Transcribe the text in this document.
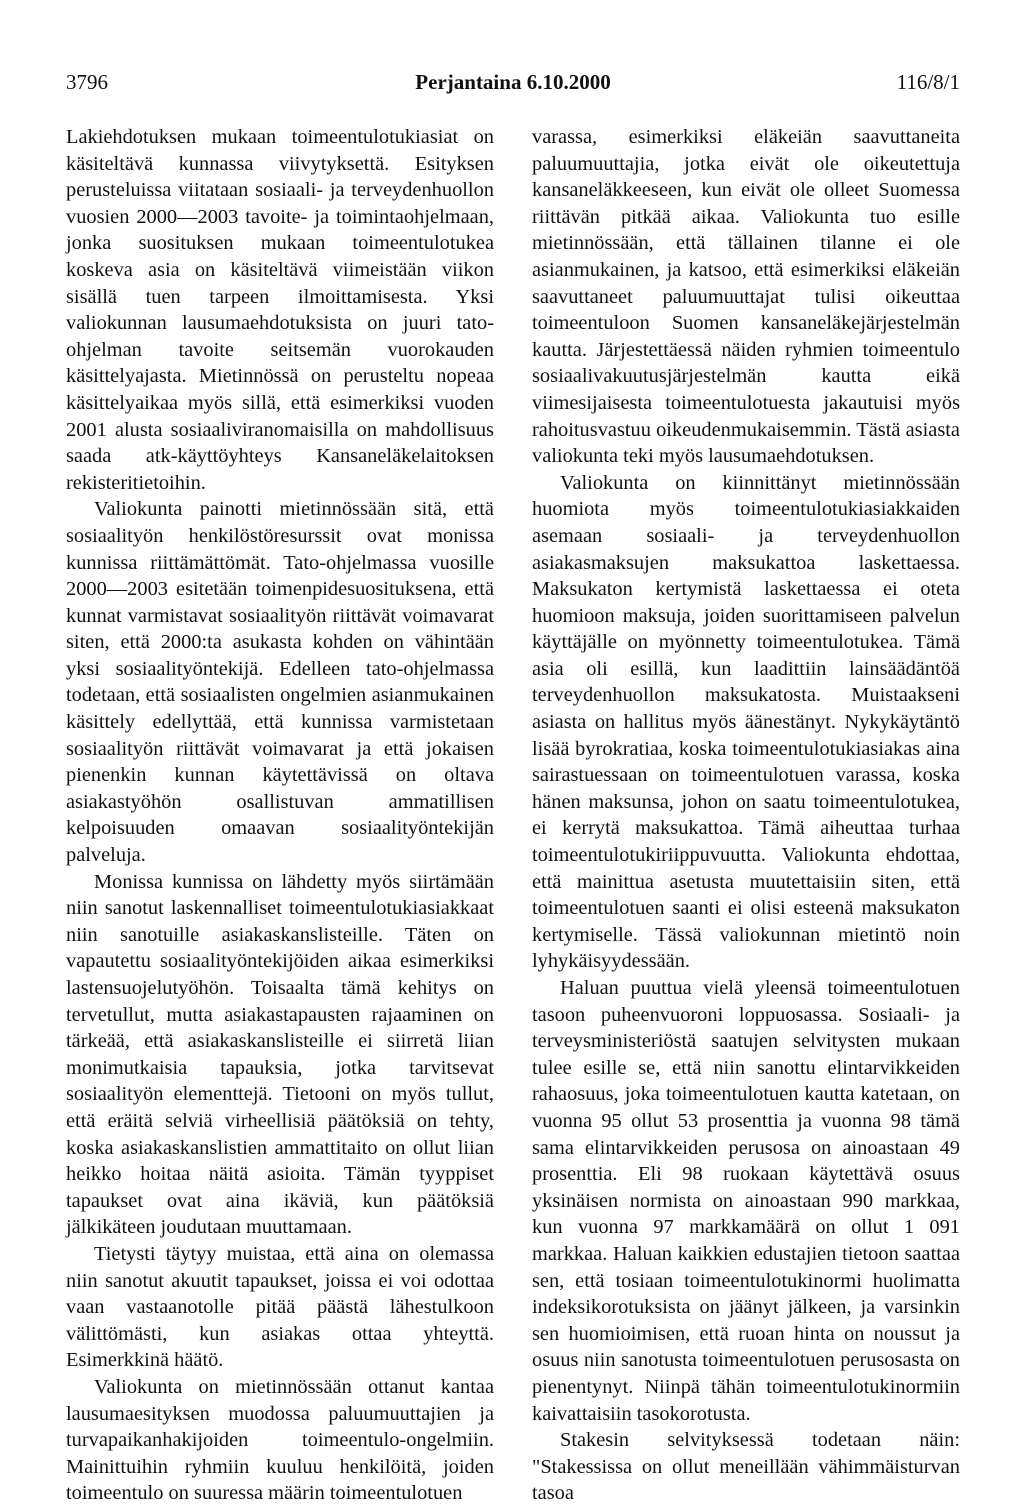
3796	Perjantaina 6.10.2000	116/8/1

Lakiehdotuksen mukaan toimeentulotukiasiat on käsiteltävä kunnassa viivytyksettä. Esityksen perusteluissa viitataan sosiaali- ja terveydenhuollon vuosien 2000—2003 tavoite- ja toimintaohjelmaan, jonka suosituksen mukaan toimeentulotukea koskeva asia on käsiteltävä viimeistään viikon sisällä tuen tarpeen ilmoittamisesta. Yksi valiokunnan lausumaehdotuksista on juuri tato-ohjelman tavoite seitsemän vuorokauden käsittelyajasta. Mietinnössä on perusteltu nopeaa käsittelyaikaa myös sillä, että esimerkiksi vuoden 2001 alusta sosiaaliviranomaisilla on mahdollisuus saada atk-käyttöyhteys Kansaneläkelaitoksen rekisteritietoihin.

Valiokunta painotti mietinnössään sitä, että sosiaalityön henkilöstöresurssit ovat monissa kunnissa riittämättömät. Tato-ohjelmassa vuosille 2000—2003 esitetään toimenpidesuosituksena, että kunnat varmistavat sosiaalityön riittävät voimavarat siten, että 2000:ta asukasta kohden on vähintään yksi sosiaalityöntekijä. Edelleen tato-ohjelmassa todetaan, että sosiaalisten ongelmien asianmukainen käsittely edellyttää, että kunnissa varmistetaan sosiaalityön riittävät voimavarat ja että jokaisen pienenkin kunnan käytettävissä on oltava asiakastyöhön osallistuvan ammatillisen kelpoisuuden omaavan sosiaalityöntekijän palveluja.

Monissa kunnissa on lähdetty myös siirtämään niin sanotut laskennalliset toimeentulotukiasiakkaat niin sanotuille asiakaskanslisteille. Täten on vapautettu sosiaalityöntekijöiden aikaa esimerkiksi lastensuojelutyöhön. Toisaalta tämä kehitys on tervetullut, mutta asiakastapausten rajaaminen on tärkeää, että asiakaskanslisteille ei siirretä liian monimutkaisia tapauksia, jotka tarvitsevat sosiaalityön elementtejä. Tietooni on myös tullut, että eräitä selviä virheellisiä päätöksiä on tehty, koska asiakaskanslistien ammattitaito on ollut liian heikko hoitaa näitä asioita. Tämän tyyppiset tapaukset ovat aina ikäviä, kun päätöksiä jälkikäteen joudutaan muuttamaan.

Tietysti täytyy muistaa, että aina on olemassa niin sanotut akuutit tapaukset, joissa ei voi odottaa vaan vastaanotolle pitää päästä lähestulkoon välittömästi, kun asiakas ottaa yhteyttä. Esimerkkinä häätö.

Valiokunta on mietinnössään ottanut kantaa lausumaesityksen muodossa paluumuuttajien ja turvapaikanhakijoiden toimeentulo-ongelmiin. Mainittuihin ryhmiin kuuluu henkilöitä, joiden toimeentulo on suuressa määrin toimeentulotuen

varassa, esimerkiksi eläkeiän saavuttaneita paluumuuttajia, jotka eivät ole oikeutettuja kansaneläkkeeseen, kun eivät ole olleet Suomessa riittävän pitkää aikaa. Valiokunta tuo esille mietinnössään, että tällainen tilanne ei ole asianmukainen, ja katsoo, että esimerkiksi eläkeiän saavuttaneet paluumuuttajat tulisi oikeuttaa toimeentuloon Suomen kansaneläkejärjestelmän kautta. Järjestettäessä näiden ryhmien toimeentulo sosiaalivakuutusjärjestelmän kautta eikä viimesijaisesta toimeentulotuesta jakautuisi myös rahoitusvastuu oikeudenmukaisemmin. Tästä asiasta valiokunta teki myös lausumaehdotuksen.

Valiokunta on kiinnittänyt mietinnössään huomiota myös toimeentulotukiasiakkaiden asemaan sosiaali- ja terveydenhuollon asiakasmaksujen maksukattoa laskettaessa. Maksukaton kertymistä laskettaessa ei oteta huomioon maksuja, joiden suorittamiseen palvelun käyttäjälle on myönnetty toimeentulotukea. Tämä asia oli esillä, kun laadittiin lainsäädäntöä terveydenhuollon maksukatosta. Muistaakseni asiasta on hallitus myös äänestänyt. Nykykäytäntö lisää byrokratiaa, koska toimeentulotukiasiakas aina sairastuessaan on toimeentulotuen varassa, koska hänen maksunsa, johon on saatu toimeentulotukea, ei kerrytä maksukattoa. Tämä aiheuttaa turhaa toimeentulotukiriippuvuutta. Valiokunta ehdottaa, että mainittua asetusta muutettaisiin siten, että toimeentulotuen saanti ei olisi esteenä maksukaton kertymiselle. Tässä valiokunnan mietintö noin lyhykäisyydessään.

Haluan puuttua vielä yleensä toimeentulotuen tasoon puheenvuoroni loppuosassa. Sosiaali- ja terveysministeriöstä saatujen selvitysten mukaan tulee esille se, että niin sanottu elintarvikkeiden rahaosuus, joka toimeentulotuen kautta katetaan, on vuonna 95 ollut 53 prosenttia ja vuonna 98 tämä sama elintarvikkeiden perusosa on ainoastaan 49 prosenttia. Eli 98 ruokaan käytettävä osuus yksinäisen normista on ainoastaan 990 markkaa, kun vuonna 97 markkamäärä on ollut 1 091 markkaa. Haluan kaikkien edustajien tietoon saattaa sen, että tosiaan toimeentulotukinormi huolimatta indeksikorotuksista on jäänyt jälkeen, ja varsinkin sen huomioimisen, että ruoan hinta on noussut ja osuus niin sanotusta toimeentulotuen perusosasta on pienentynyt. Niinpä tähän toimeentulotukinormiin kaivattaisiin tasokorotusta.

Stakesin selvityksessä todetaan näin: "Stakessissa on ollut meneillään vähimmäisturvan tasoa
